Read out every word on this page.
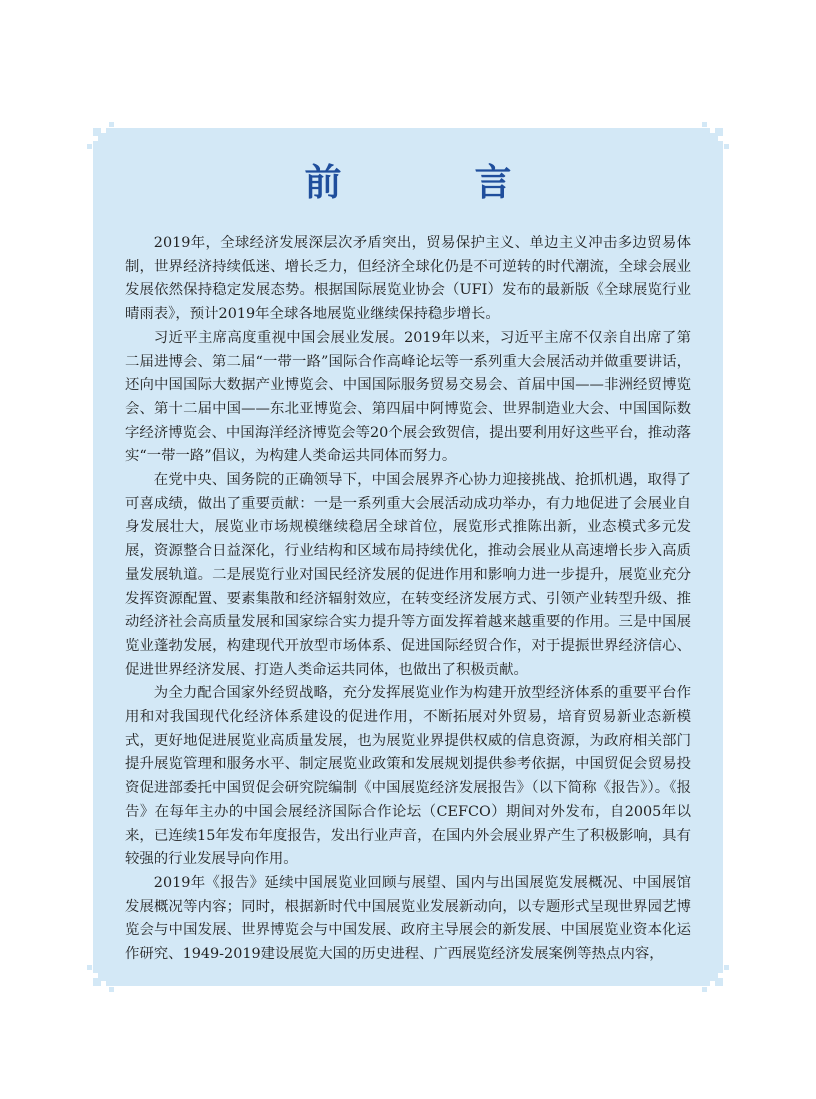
前　言

2019年，全球经济发展深层次矛盾突出，贸易保护主义、单边主义冲击多边贸易体制，世界经济持续低迷、增长乏力，但经济全球化仍是不可逆转的时代潮流，全球会展业发展依然保持稳定发展态势。根据国际展览业协会（UFI）发布的最新版《全球展览行业晴雨表》，预计2019年全球各地展览业继续保持稳步增长。

习近平主席高度重视中国会展业发展。2019年以来，习近平主席不仅亲自出席了第二届进博会、第二届“一带一路”国际合作高峰论坛等一系列重大会展活动并做重要讲话，还向中国国际大数据产业博览会、中国国际服务贸易交易会、首届中国——非洲经贸博览会、第十二届中国——东北亚博览会、第四届中阿博览会、世界制造业大会、中国国际数字经济博览会、中国海洋经济博览会等20个展会致贺信，提出要利用好这些平台，推动落实“一带一路”倡议，为构建人类命运共同体而努力。

在党中央、国务院的正确领导下，中国会展界齐心协力迎接挑战、抢抓机遇，取得了可喜成绩，做出了重要贡献：一是一系列重大会展活动成功举办，有力地促进了会展业自身发展壮大，展览业市场规模继续稳居全球首位，展览形式推陈出新，业态模式多元发展，资源整合日益深化，行业结构和区域布局持续优化，推动会展业从高速增长步入高质量发展轨道。二是展览行业对国民经济发展的促进作用和影响力进一步提升，展览业充分发挥资源配置、要素集散和经济辐射效应，在转变经济发展方式、引领产业转型升级、推动经济社会高质量发展和国家综合实力提升等方面发挥着越来越重要的作用。三是中国展览业蓬勃发展，构建现代开放型市场体系、促进国际经贸合作，对于提振世界经济信心、促进世界经济发展、打造人类命运共同体，也做出了积极贡献。

为全力配合国家外经贸战略，充分发挥展览业作为构建开放型经济体系的重要平台作用和对我国现代化经济体系建设的促进作用，不断拓展对外贸易，培育贸易新业态新模式，更好地促进展览业高质量发展，也为展览业界提供权威的信息资源，为政府相关部门提升展览管理和服务水平、制定展览业政策和发展规划提供参考依据，中国贸促会贸易投资促进部委托中国贸促会研究院编制《中国展览经济发展报告》（以下简称《报告》）。《报告》在每年主办的中国会展经济国际合作论坛（CEFCO）期间对外发布，自2005年以来，已连续15年发布年度报告，发出行业声音，在国内外会展业界产生了积极影响，具有较强的行业发展导向作用。

2019年《报告》延续中国展览业回顾与展望、国内与出国展览发展概况、中国展馆发展概况等内容；同时，根据新时代中国展览业发展新动向，以专题形式呈现世界园艺博览会与中国发展、世界博览会与中国发展、政府主导展会的新发展、中国展览业资本化运作研究、1949-2019建设展览大国的历史进程、广西展览经济发展案例等热点内容，
